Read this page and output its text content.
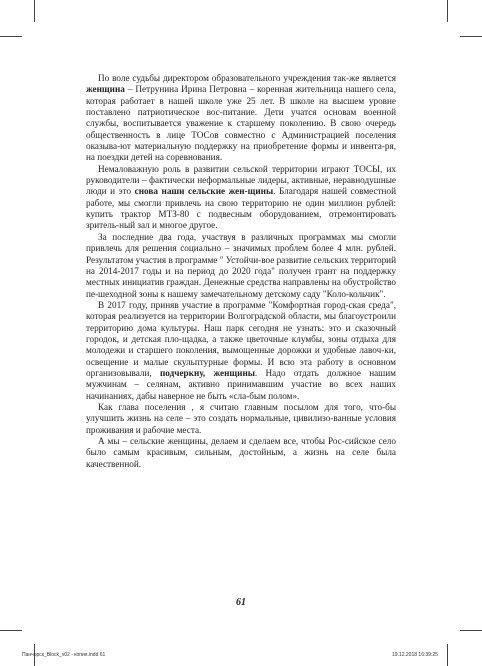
По воле судьбы директором образовательного учреждения так-же является женщина – Петрунина Ирина Петровна – коренная жительница нашего села, которая работает в нашей школе уже 25 лет. В школе на высшем уровне поставлено патриотическое вос-питание. Дети учатся основам военной службы, воспитывается уважение к старшему поколению. В свою очередь общественность в лице ТОСов совместно с Администрацией поселения оказыва-ют материальную поддержку на приобретение формы и инвента-ря, на поездки детей на соревнования.

Немаловажную роль в развитии сельской территории играют ТОСЫ, их руководители – фактически неформальные лидеры, активные, неравнодушные люди и это снова наши сельские жен-щины. Благодаря нашей совместной работе, мы смогли привлечь на свою территорию не один миллион рублей: купить трактор МТЗ-80 с подвесным оборудованием, отремонтировать зритель-ный зал и многое другое.

За последние два года, участвуя в различных программах мы смогли привлечь для решения социально – значимых проблем более 4 млн. рублей. Результатом участия в программе " Устойчи-вое развитие сельских территорий на 2014-2017 годы и на период до 2020 года" получен грант на поддержку местных инициатив граждан. Денежные средства направлены на обустройство пе-шеходной зоны к нашему замечательному детскому саду "Коло-кольчик".

В 2017 году, приняв участие в программе "Комфортная город-ская среда", которая реализуется на территории Волгоградской области, мы благоустроили территорию дома культуры. Наш парк сегодня не узнать: это и сказочный городок, и детская пло-щадка, а также цветочные клумбы, зоны отдыха для молодежи и старшего поколения, вымощенные дорожки и удобные лавоч-ки, освещение и малые скульптурные формы. И всю эта работу в основном организовывали, подчеркну, женщины. Надо отдать должное нашим мужчинам – селянам, активно принимавшим участие во всех наших начинаниях, дабы наверное не быть «сла-бым полом».

Как глава поселения , я считаю главным посылом для того, что-бы улучшить жизнь на селе – это создать нормальные, цивилизо-ванные условия проживания и рабочие места.

А мы – сельские женщины, делаем и сделаем все, чтобы Рос-сийское село было самым красивым, сильным, достойным, а жизнь на селе была качественной.

61
Панчорск_Block_v02 - копия.indd 61	19.12.2018 16:39:25
